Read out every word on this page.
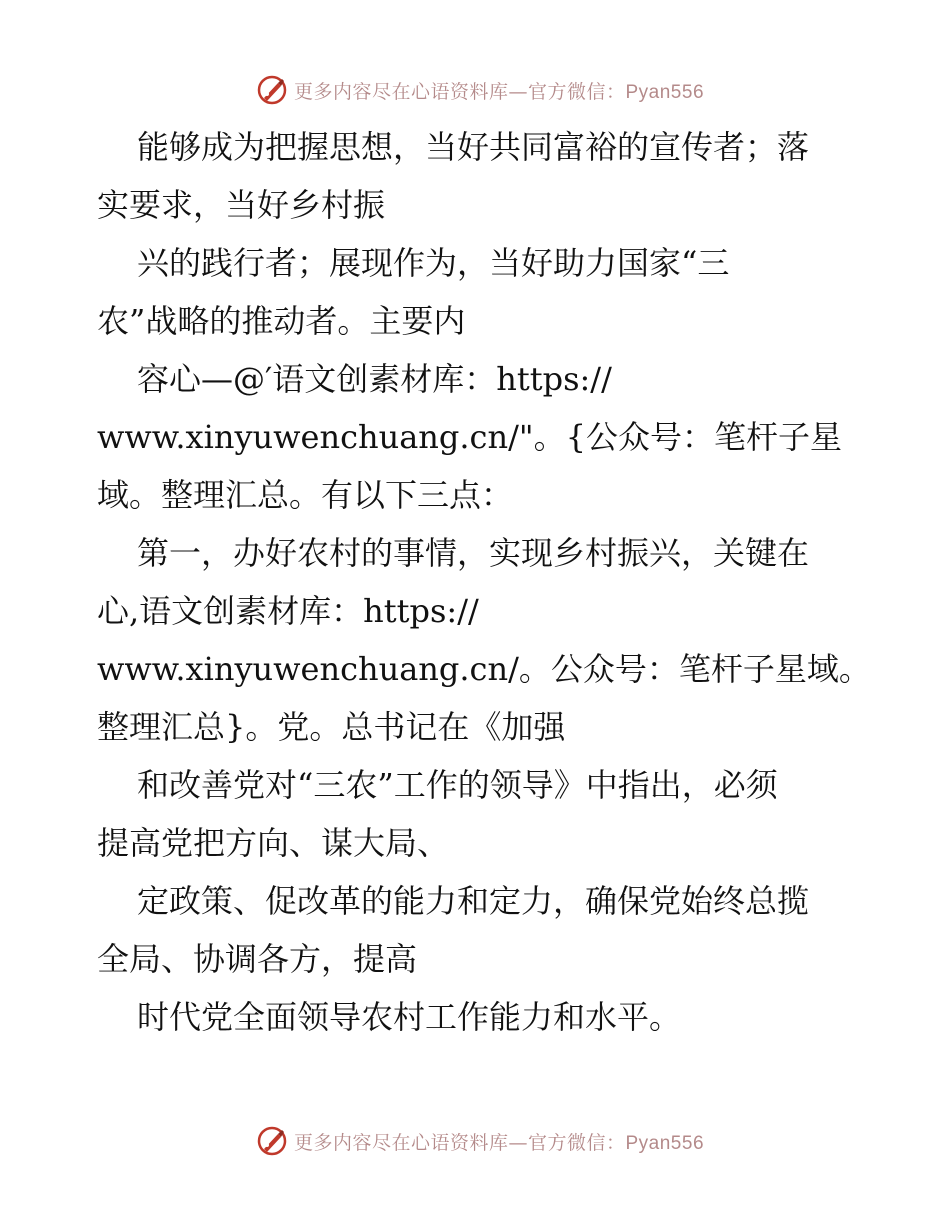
更多内容尽在心语资料库—官方微信：Pyan556
能够成为把握思想，当好共同富裕的宣传者；落
实要求，当好乡村振
兴的践行者；展现作为，当好助力国家“三
农”战略的推动者。主要内
容心—@′语文创素材库：https://
www.xinyuwenchuang.cn/"。{公众号：笔杆子星
域。整理汇总。有以下三点：
第一，办好农村的事情，实现乡村振兴，关键在
心,语文创素材库：https://
www.xinyuwenchuang.cn/。公众号：笔杆子星域。
整理汇总}。党。总书记在《加强
和改善党对“三农”工作的领导》中指出，必须
提高党把方向、谋大局、
定政策、促改革的能力和定力，确保党始终总揽
全局、协调各方，提高
时代党全面领导农村工作能力和水平。
更多内容尽在心语资料库—官方微信：Pyan556
